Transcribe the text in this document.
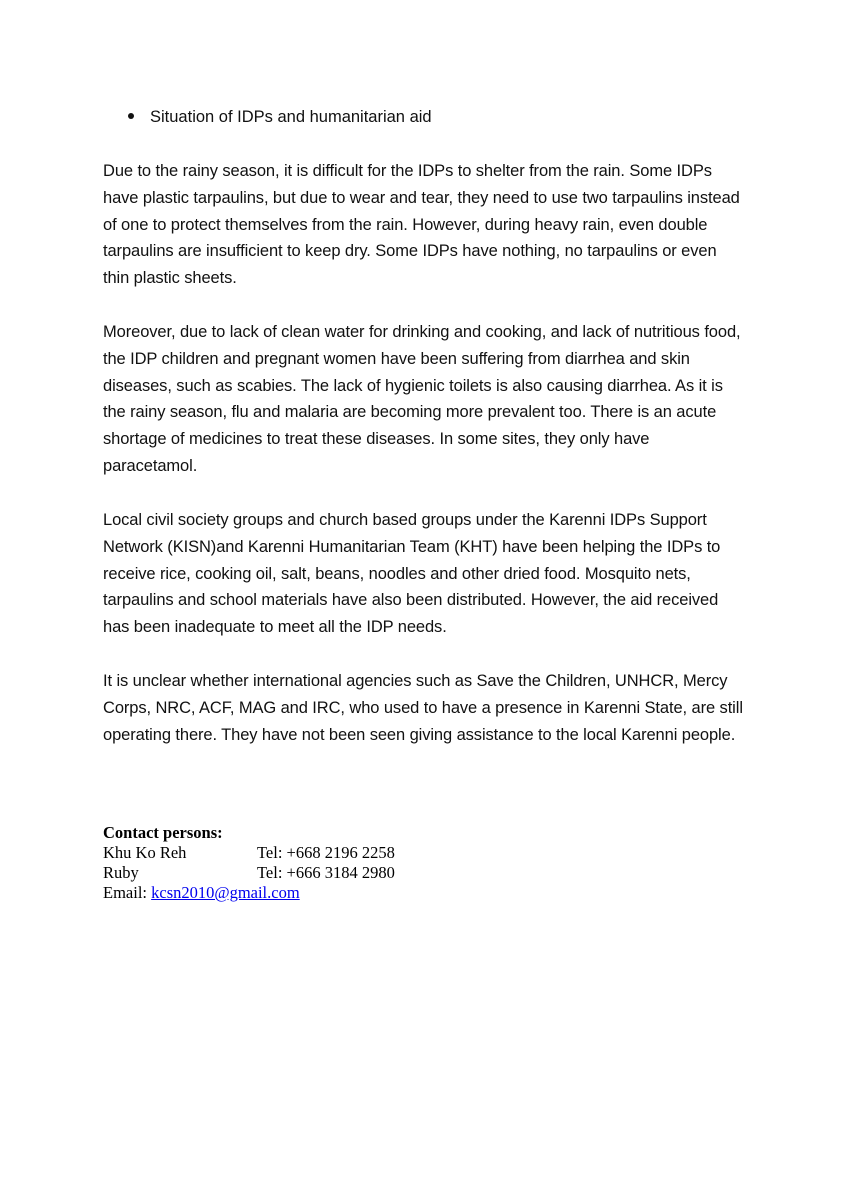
Situation of IDPs and humanitarian aid

Due to the rainy season, it is difficult for the IDPs to shelter from the rain. Some IDPs have plastic tarpaulins, but due to wear and tear, they need to use two tarpaulins instead of one to protect themselves from the rain. However, during heavy rain, even double tarpaulins are insufficient to keep dry. Some IDPs have nothing, no tarpaulins or even thin plastic sheets.

Moreover, due to lack of clean water for drinking and cooking, and lack of nutritious food, the IDP children and pregnant women have been suffering from diarrhea and skin diseases, such as scabies. The lack of hygienic toilets is also causing diarrhea. As it is the rainy season, flu and malaria are becoming more prevalent too. There is an acute shortage of medicines to treat these diseases. In some sites, they only have paracetamol.

Local civil society groups and church based groups under the Karenni IDPs Support Network (KISN)and Karenni Humanitarian Team (KHT) have been helping the IDPs to receive rice, cooking oil, salt, beans, noodles and other dried food. Mosquito nets, tarpaulins and school materials have also been distributed. However, the aid received has been inadequate to meet all the IDP needs.

It is unclear whether international agencies such as Save the Children, UNHCR, Mercy Corps, NRC, ACF, MAG and IRC, who used to have a presence in Karenni State, are still operating there. They have not been seen giving assistance to the local Karenni people.

Contact persons:
Khu Ko Reh	Tel: +668 2196 2258
Ruby	Tel: +666 3184 2980
Email: kcsn2010@gmail.com
